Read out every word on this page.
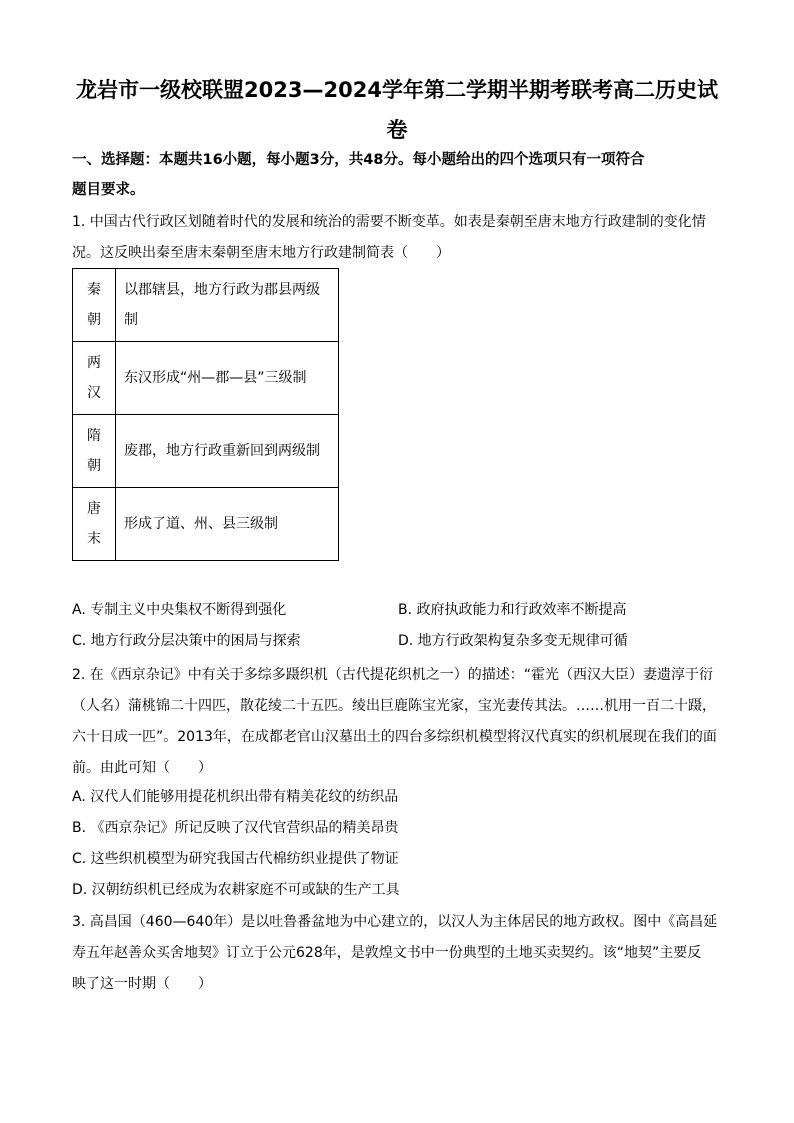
龙岩市一级校联盟2023—2024学年第二学期半期考联考高二历史试
卷
一、选择题：本题共16小题，每小题3分，共48分。每小题给出的四个选项只有一项符合
题目要求。
1. 中国古代行政区划随着时代的发展和统治的需要不断变革。如表是秦朝至唐末地方行政建制的变化情
况。这反映出秦至唐末秦朝至唐末地方行政建制简表（　　）
秦
朝	以郡辖县，地方行政为郡县两级制

两
汉	东汉形成“州—郡—县”三级制

隋
朝	废郡，地方行政重新回到两级制

唐
末	形成了道、州、县三级制
A. 专制主义中央集权不断得到强化	B. 政府执政能力和行政效率不断提高
C. 地方行政分层决策中的困局与探索	D. 地方行政架构复杂多变无规律可循
2. 在《西京杂记》中有关于多综多蹑织机（古代提花织机之一）的描述：“霍光（西汉大臣）妻遗淳于衍
（人名）蒲桃锦二十四匹，散花绫二十五匹。绫出巨鹿陈宝光家，宝光妻传其法。……机用一百二十蹑，
六十日成一匹”。2013年，在成都老官山汉墓出土的四台多综织机模型将汉代真实的织机展现在我们的面
前。由此可知（　　）
A. 汉代人们能够用提花机织出带有精美花纹的纺织品
B. 《西京杂记》所记反映了汉代官营织品的精美昂贵
C. 这些织机模型为研究我国古代棉纺织业提供了物证
D. 汉朝纺织机已经成为农耕家庭不可或缺的生产工具
3. 高昌国（460—640年）是以吐鲁番盆地为中心建立的，以汉人为主体居民的地方政权。图中《高昌延
寿五年赵善众买舍地契》订立于公元628年，是敦煌文书中一份典型的土地买卖契约。该“地契”主要反
映了这一时期（　　）
